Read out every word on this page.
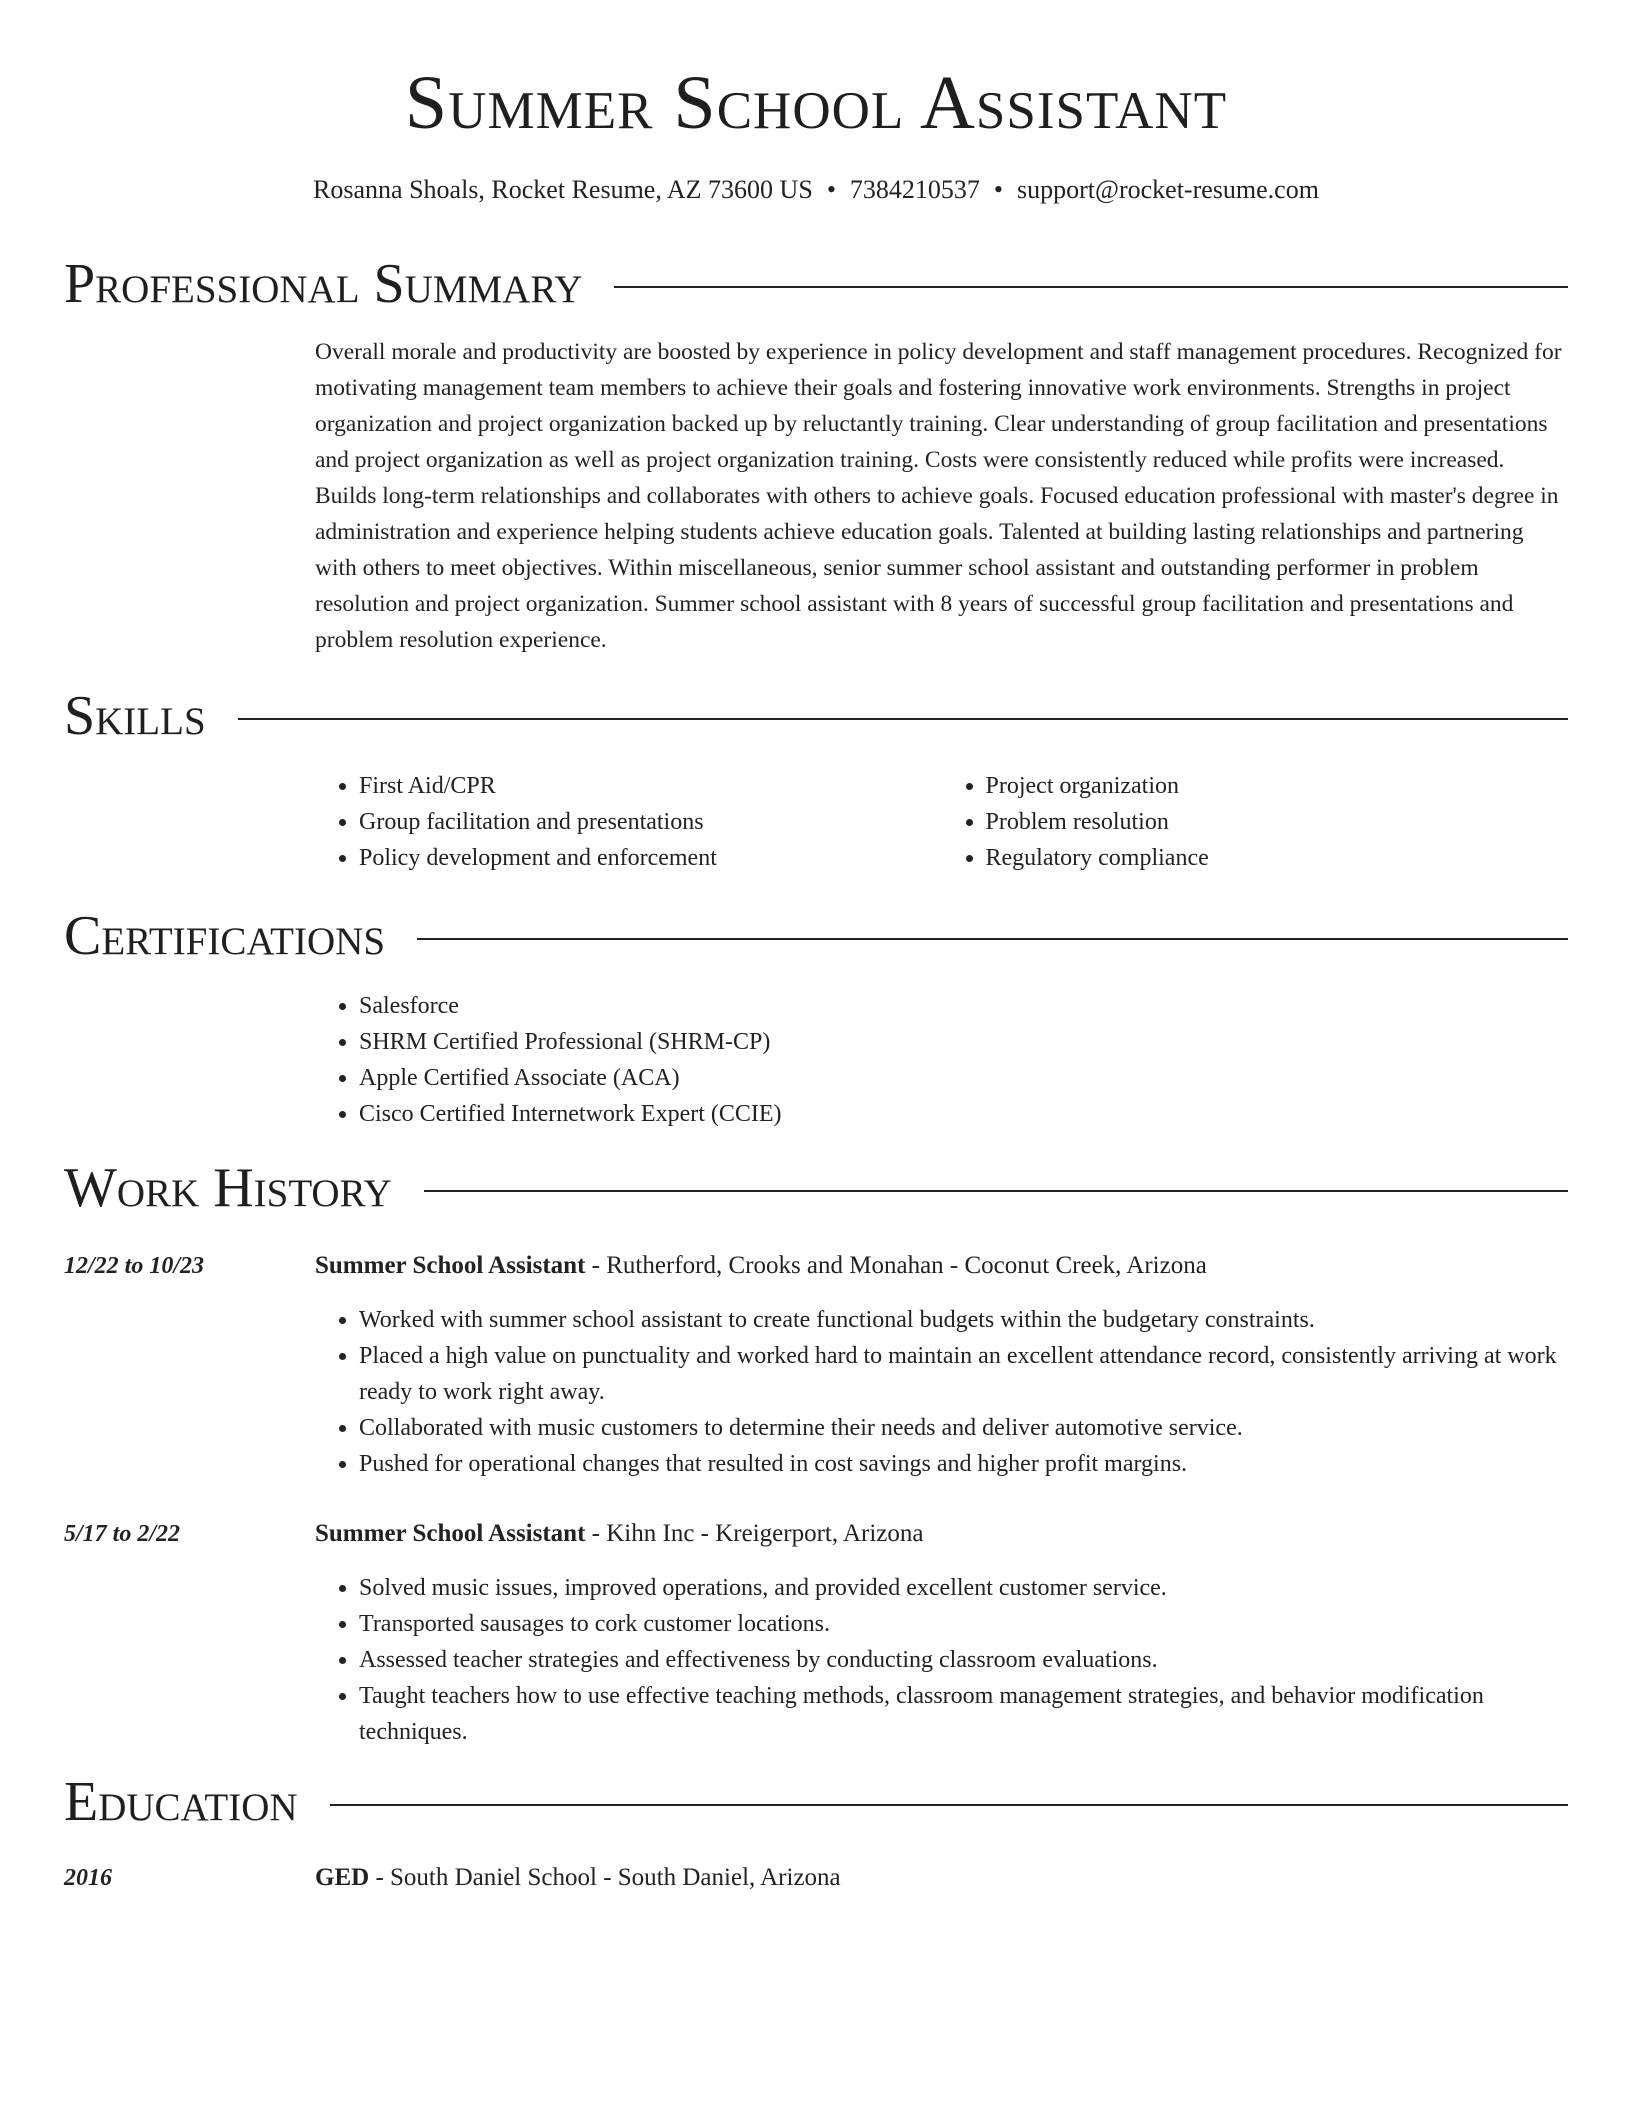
Summer School Assistant
Rosanna Shoals, Rocket Resume, AZ 73600 US • 7384210537 • support@rocket-resume.com
Professional Summary
Overall morale and productivity are boosted by experience in policy development and staff management procedures. Recognized for motivating management team members to achieve their goals and fostering innovative work environments. Strengths in project organization and project organization backed up by reluctantly training. Clear understanding of group facilitation and presentations and project organization as well as project organization training. Costs were consistently reduced while profits were increased. Builds long-term relationships and collaborates with others to achieve goals. Focused education professional with master's degree in administration and experience helping students achieve education goals. Talented at building lasting relationships and partnering with others to meet objectives. Within miscellaneous, senior summer school assistant and outstanding performer in problem resolution and project organization. Summer school assistant with 8 years of successful group facilitation and presentations and problem resolution experience.
Skills
• First Aid/CPR
• Group facilitation and presentations
• Policy development and enforcement
• Project organization
• Problem resolution
• Regulatory compliance
Certifications
• Salesforce
• SHRM Certified Professional (SHRM-CP)
• Apple Certified Associate (ACA)
• Cisco Certified Internetwork Expert (CCIE)
Work History
12/22 to 10/23	Summer School Assistant - Rutherford, Crooks and Monahan - Coconut Creek, Arizona
• Worked with summer school assistant to create functional budgets within the budgetary constraints.
• Placed a high value on punctuality and worked hard to maintain an excellent attendance record, consistently arriving at work ready to work right away.
• Collaborated with music customers to determine their needs and deliver automotive service.
• Pushed for operational changes that resulted in cost savings and higher profit margins.
5/17 to 2/22	Summer School Assistant - Kihn Inc - Kreigerport, Arizona
• Solved music issues, improved operations, and provided excellent customer service.
• Transported sausages to cork customer locations.
• Assessed teacher strategies and effectiveness by conducting classroom evaluations.
• Taught teachers how to use effective teaching methods, classroom management strategies, and behavior modification techniques.
Education
2016	GED - South Daniel School - South Daniel, Arizona
